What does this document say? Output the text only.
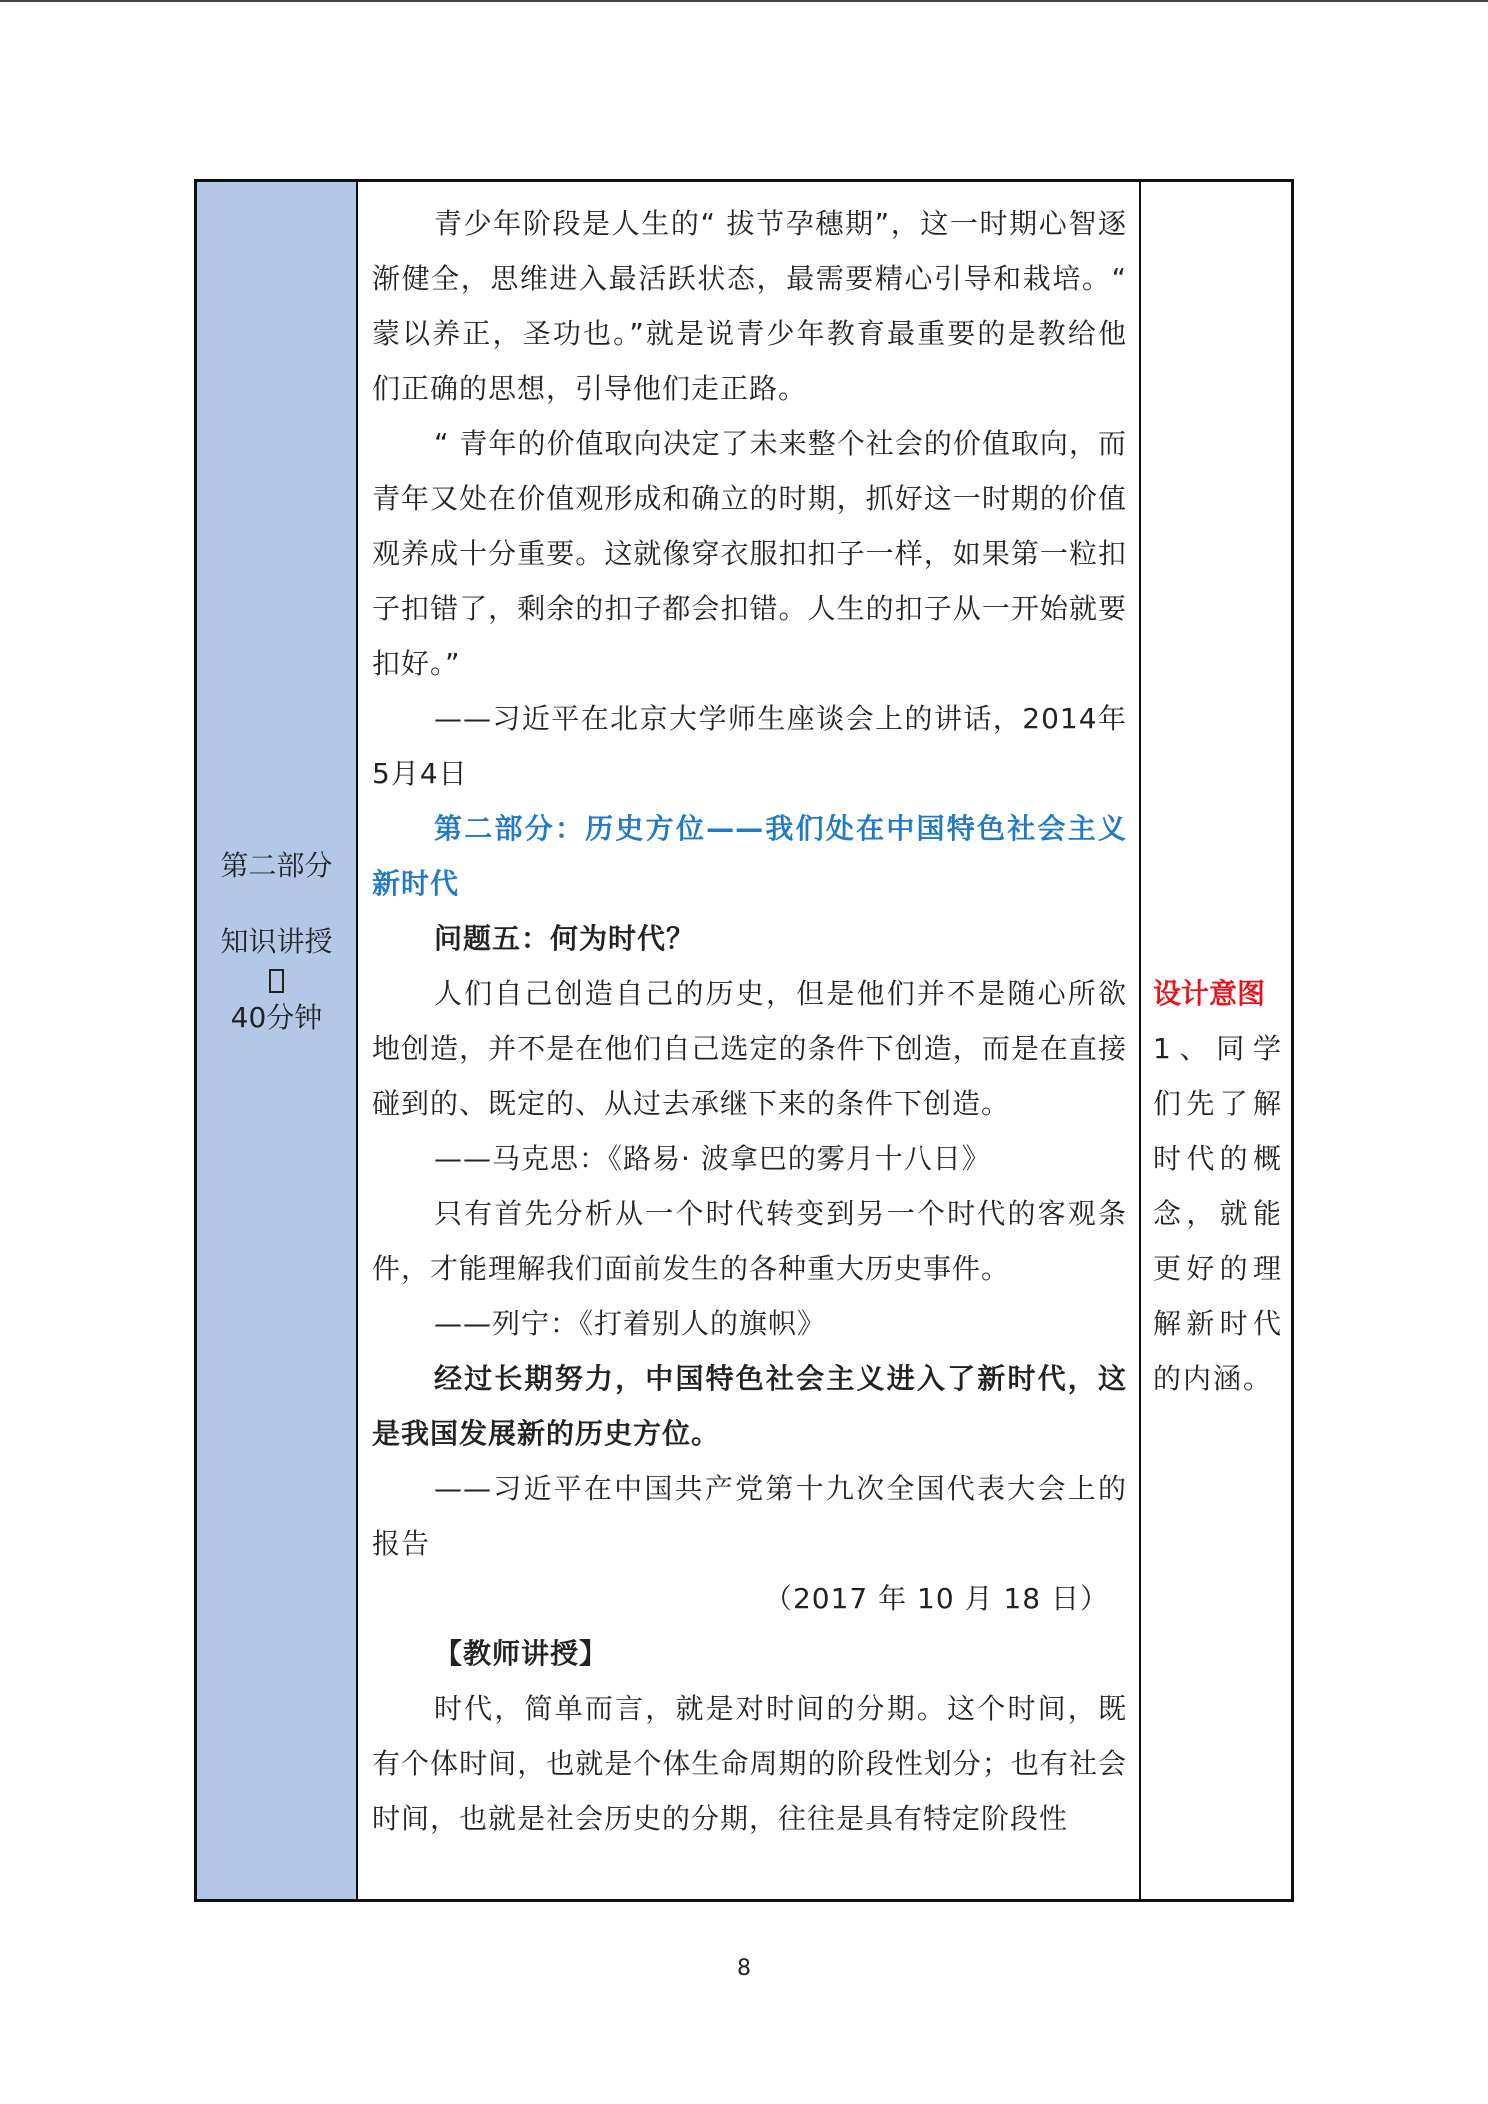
第二部分
知识讲授
40分钟

青少年阶段是人生的“ 拔节孕穗期”，这一时期心智逐渐健全，思维进入最活跃状态，最需要精心引导和栽培。“ 蒙以养正，圣功也。”就是说青少年教育最重要的是教给他们正确的思想，引导他们走正路。

“ 青年的价值取向决定了未来整个社会的价值取向，而青年又处在价值观形成和确立的时期，抓好这一时期的价值观养成十分重要。这就像穿衣服扣扣子一样，如果第一粒扣子扣错了，剩余的扣子都会扣错。人生的扣子从一开始就要扣好。”

——习近平在北京大学师生座谈会上的讲话，2014年5月4日

第二部分：历史方位——我们处在中国特色社会主义新时代

问题五：何为时代？

人们自己创造自己的历史，但是他们并不是随心所欲地创造，并不是在他们自己选定的条件下创造，而是在直接碰到的、既定的、从过去承继下来的条件下创造。

——马克思：《路易· 波拿巴的雾月十八日》

只有首先分析从一个时代转变到另一个时代的客观条件，才能理解我们面前发生的各种重大历史事件。

——列宁：《打着别人的旗帜》

经过长期努力，中国特色社会主义进入了新时代，这是我国发展新的历史方位。

——习近平在中国共产党第十九次全国代表大会上的报告

（2017 年 10 月 18 日）

【教师讲授】

时代，简单而言，就是对时间的分期。这个时间，既有个体时间，也就是个体生命周期的阶段性划分；也有社会时间，也就是社会历史的分期，往往是具有特定阶段性

设计意图

1、同学们先了解时代的概念，就能更好的理解新时代的内涵。

8
